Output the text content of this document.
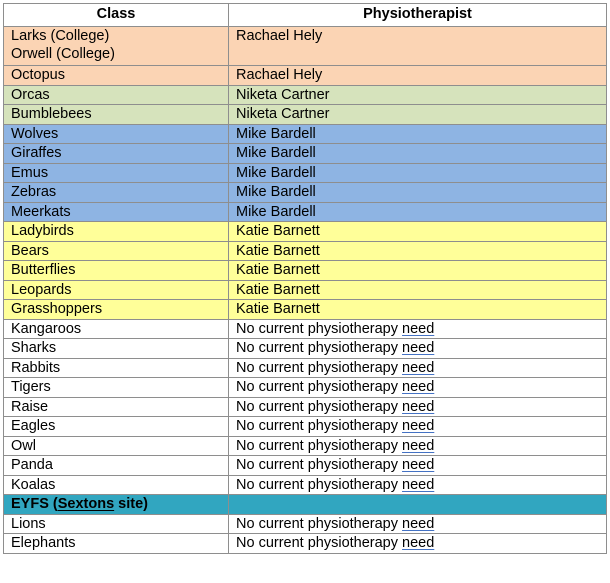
Class	Physiotherapist

Larks (College)
Orwell (College)	Rachael Hely
Octopus	Rachael Hely
Orcas	Niketa Cartner
Bumblebees	Niketa Cartner
Wolves	Mike Bardell
Giraffes	Mike Bardell
Emus	Mike Bardell
Zebras	Mike Bardell
Meerkats	Mike Bardell
Ladybirds	Katie Barnett
Bears	Katie Barnett
Butterflies	Katie Barnett
Leopards	Katie Barnett
Grasshoppers	Katie Barnett
Kangaroos	No current physiotherapy need
Sharks	No current physiotherapy need
Rabbits	No current physiotherapy need
Tigers	No current physiotherapy need
Raise	No current physiotherapy need
Eagles	No current physiotherapy need
Owl	No current physiotherapy need
Panda	No current physiotherapy need
Koalas	No current physiotherapy need
EYFS (Sextons site)	
Lions	No current physiotherapy need
Elephants	No current physiotherapy need
